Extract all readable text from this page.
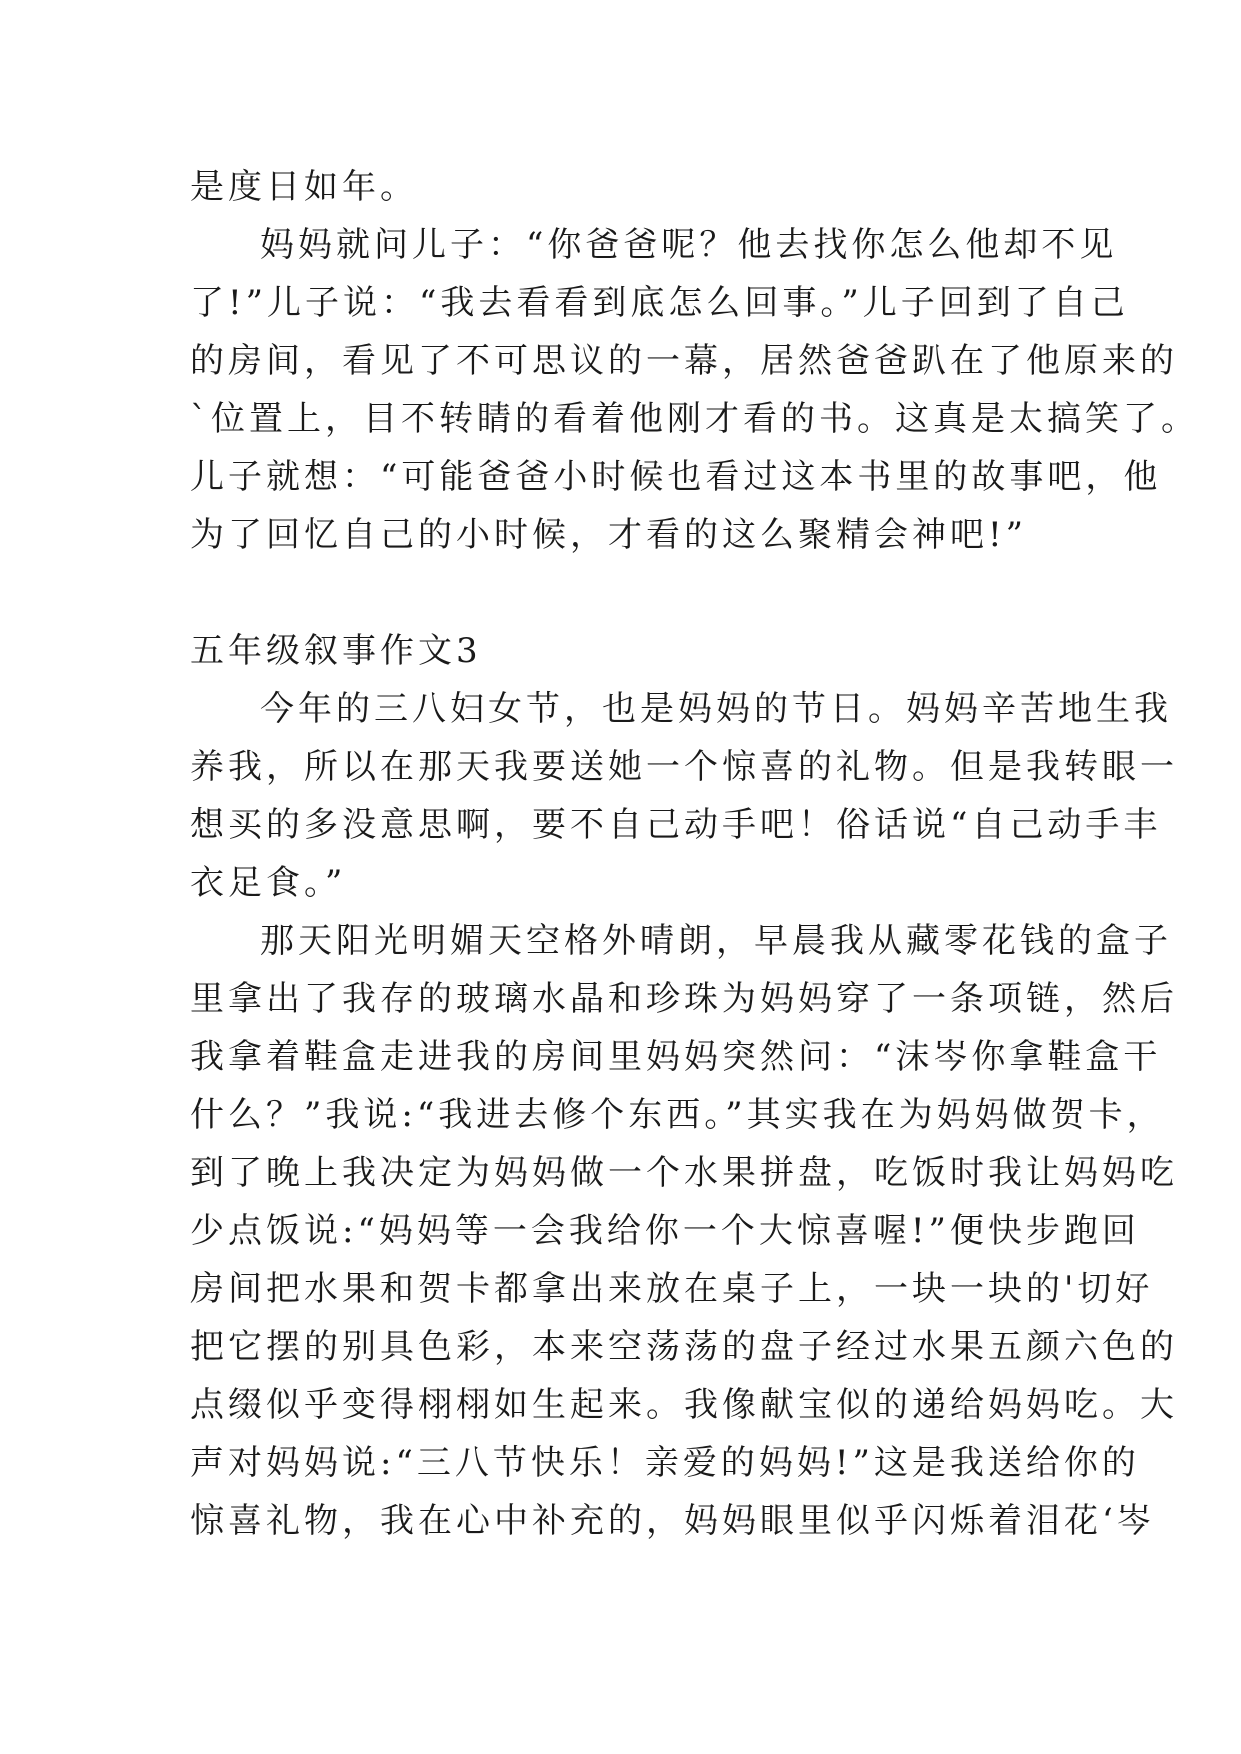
是度日如年。
妈妈就问儿子：“你爸爸呢？他去找你怎么他却不见
了!”儿子说：“我去看看到底怎么回事。”儿子回到了自己
的房间，看见了不可思议的一幕，居然爸爸趴在了他原来的
`位置上，目不转睛的看着他刚才看的书。这真是太搞笑了。
儿子就想：“可能爸爸小时候也看过这本书里的故事吧，他
为了回忆自己的小时候，才看的这么聚精会神吧!”
五年级叙事作文3
今年的三八妇女节，也是妈妈的节日。妈妈辛苦地生我
养我，所以在那天我要送她一个惊喜的礼物。但是我转眼一
想买的多没意思啊，要不自己动手吧！俗话说“自己动手丰
衣足食。”
那天阳光明媚天空格外晴朗，早晨我从藏零花钱的盒子
里拿出了我存的玻璃水晶和珍珠为妈妈穿了一条项链，然后
我拿着鞋盒走进我的房间里妈妈突然问：“沫岑你拿鞋盒干
什么？”我说:“我进去修个东西。”其实我在为妈妈做贺卡，
到了晚上我决定为妈妈做一个水果拼盘，吃饭时我让妈妈吃
少点饭说:“妈妈等一会我给你一个大惊喜喔!”便快步跑回
房间把水果和贺卡都拿出来放在桌子上，一块一块的'切好
把它摆的别具色彩，本来空荡荡的盘子经过水果五颜六色的
点缀似乎变得栩栩如生起来。我像献宝似的递给妈妈吃。大
声对妈妈说:“三八节快乐！亲爱的妈妈!”这是我送给你的
惊喜礼物，我在心中补充的，妈妈眼里似乎闪烁着泪花‘岑
